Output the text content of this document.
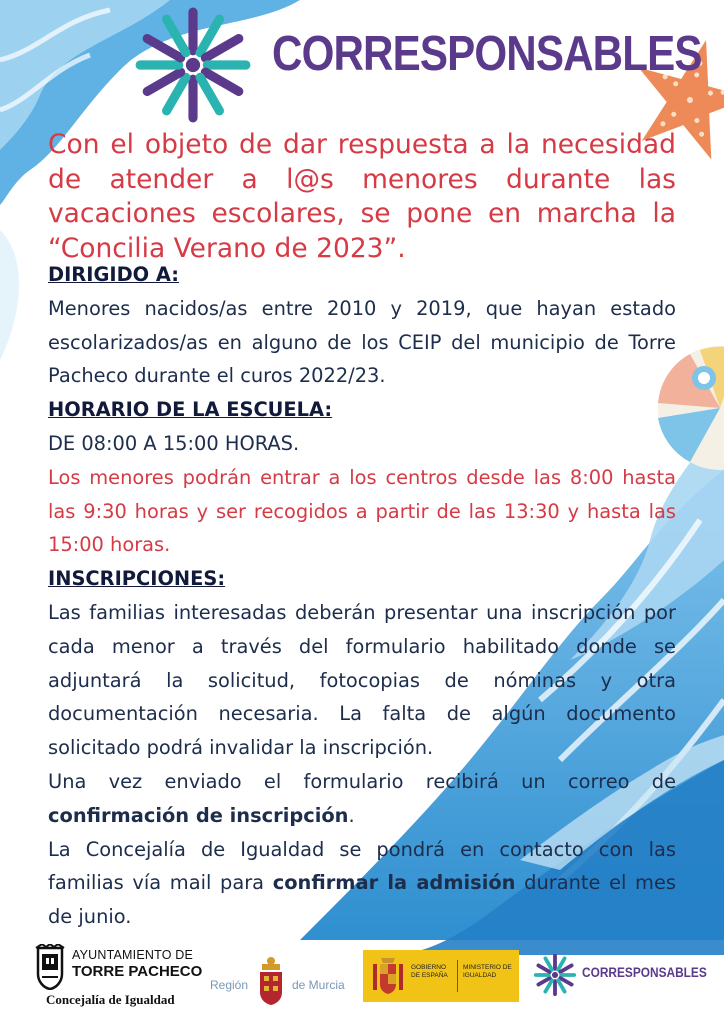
CORRESPONSABLES
Con el objeto de dar respuesta a la necesidad de atender a l@s menores durante las vacaciones escolares, se pone en marcha la “Concilia Verano de 2023”.
DIRIGIDO A:
Menores nacidos/as entre 2010 y 2019, que hayan estado escolarizados/as en alguno de los CEIP del municipio de Torre Pacheco durante el curos 2022/23.
HORARIO DE LA ESCUELA:
DE 08:00 A 15:00 HORAS.
Los menores podrán entrar a los centros desde las 8:00 hasta las 9:30 horas y ser recogidos a partir de las 13:30 y hasta las 15:00 horas.
INSCRIPCIONES:
Las familias interesadas deberán presentar una inscripción por cada menor a través del formulario habilitado donde se adjuntará la solicitud, fotocopias de nóminas y otra documentación necesaria. La falta de algún documento solicitado podrá invalidar la inscripción.
Una vez enviado el formulario recibirá un correo de confirmación de inscripción.
La Concejalía de Igualdad se pondrá en contacto con las familias vía mail para confirmar la admisión durante el mes de junio.
AYUNTAMIENTO DE
TORRE PACHECO
Concejalía de Igualdad
Región	de Murcia
GOBIERNO DE ESPAÑA
MINISTERIO DE IGUALDAD	CORRESPONSABLES
